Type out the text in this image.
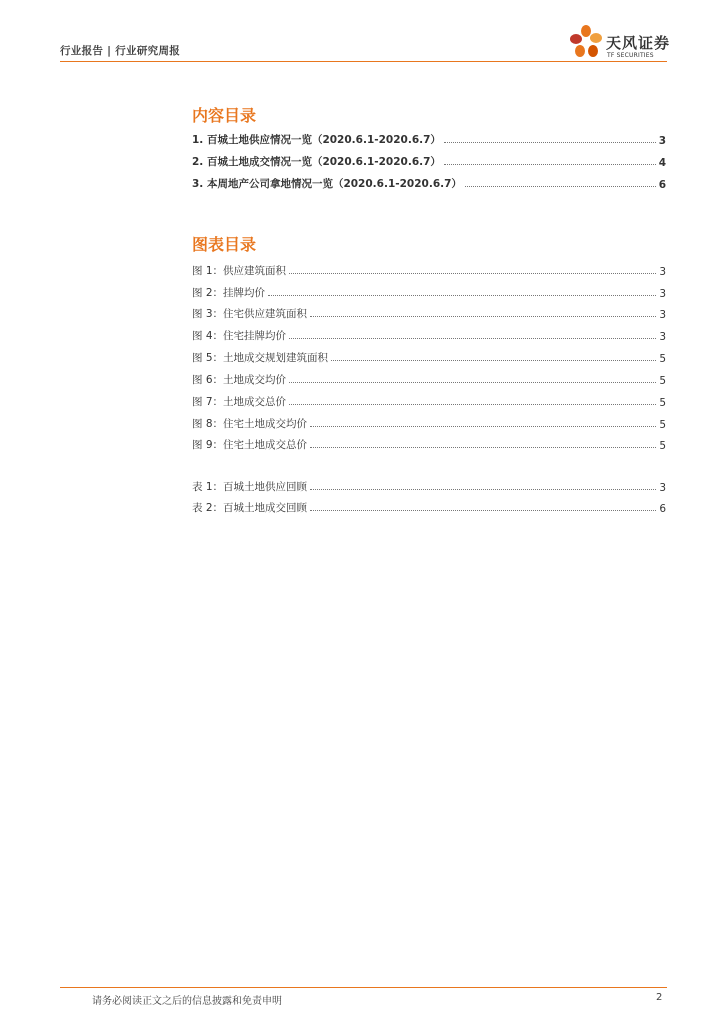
行业报告 | 行业研究周报	天风证券
TF SECURITIES
内容目录
1. 百城土地供应情况一览（2020.6.1-2020.6.7）	3
2. 百城土地成交情况一览（2020.6.1-2020.6.7）	4
3. 本周地产公司拿地情况一览（2020.6.1-2020.6.7）	6
图表目录
图 1：供应建筑面积	3
图 2：挂牌均价	3
图 3：住宅供应建筑面积	3
图 4：住宅挂牌均价	3
图 5：土地成交规划建筑面积	5
图 6：土地成交均价	5
图 7：土地成交总价	5
图 8：住宅土地成交均价	5
图 9：住宅土地成交总价	5
表 1：百城土地供应回顾	3
表 2：百城土地成交回顾	6
请务必阅读正文之后的信息披露和免责申明	2
